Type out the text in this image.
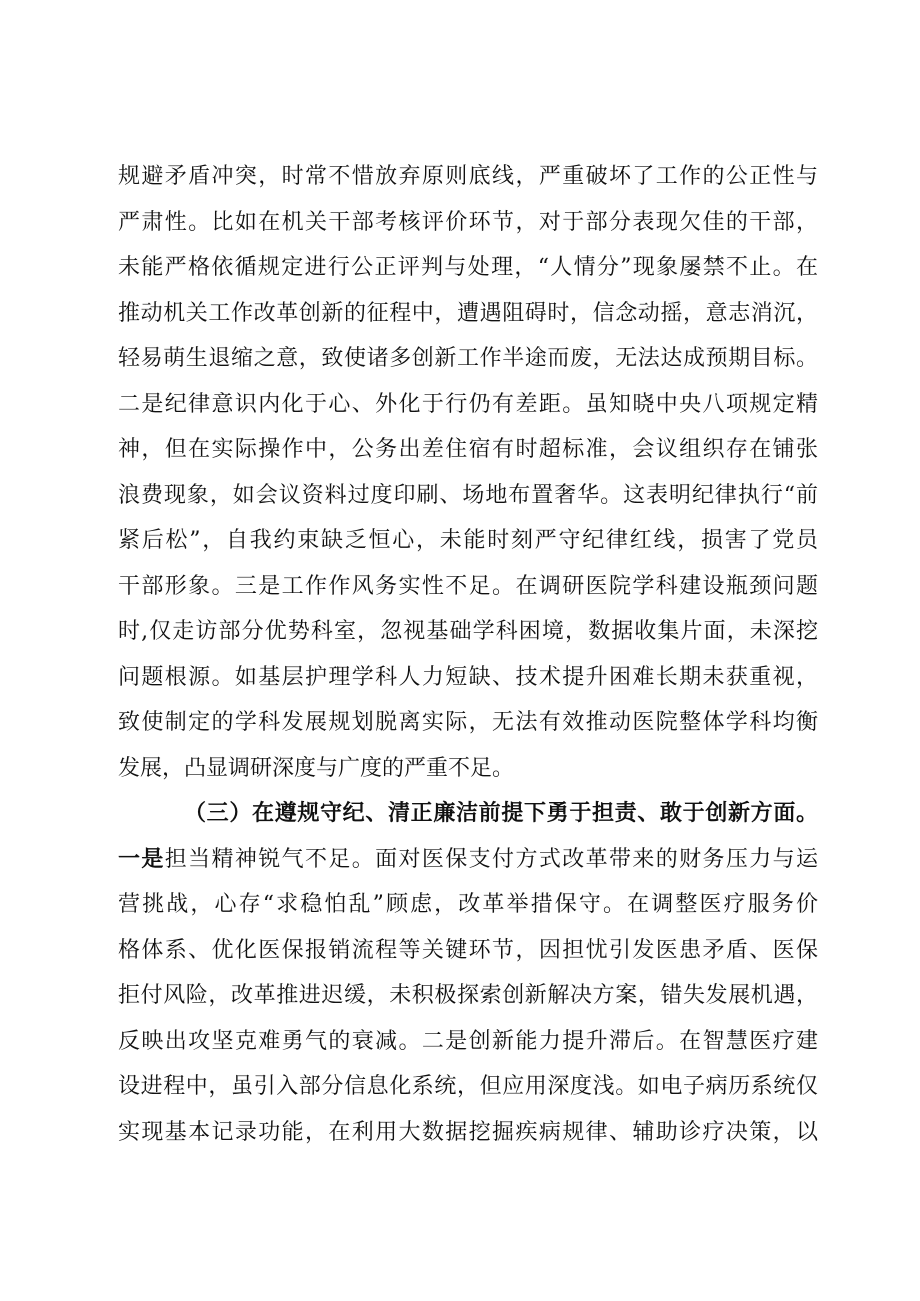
规避矛盾冲突，时常不惜放弃原则底线，严重破坏了工作的公正性与
严肃性。比如在机关干部考核评价环节，对于部分表现欠佳的干部，
未能严格依循规定进行公正评判与处理，“人情分”现象屡禁不止。在
推动机关工作改革创新的征程中，遭遇阻碍时，信念动摇，意志消沉，
轻易萌生退缩之意，致使诸多创新工作半途而废，无法达成预期目标。
二是纪律意识内化于心、外化于行仍有差距。虽知晓中央八项规定精
神，但在实际操作中，公务出差住宿有时超标准，会议组织存在铺张
浪费现象，如会议资料过度印刷、场地布置奢华。这表明纪律执行“前
紧后松”，自我约束缺乏恒心，未能时刻严守纪律红线，损害了党员
干部形象。三是工作作风务实性不足。在调研医院学科建设瓶颈问题
时,仅走访部分优势科室，忽视基础学科困境，数据收集片面，未深挖
问题根源。如基层护理学科人力短缺、技术提升困难长期未获重视，
致使制定的学科发展规划脱离实际，无法有效推动医院整体学科均衡
发展，凸显调研深度与广度的严重不足。
（三）在遵规守纪、清正廉洁前提下勇于担责、敢于创新方面。
一是担当精神锐气不足。面对医保支付方式改革带来的财务压力与运
营挑战，心存“求稳怕乱”顾虑，改革举措保守。在调整医疗服务价
格体系、优化医保报销流程等关键环节，因担忧引发医患矛盾、医保
拒付风险，改革推进迟缓，未积极探索创新解决方案，错失发展机遇，
反映出攻坚克难勇气的衰减。二是创新能力提升滞后。在智慧医疗建
设进程中，虽引入部分信息化系统，但应用深度浅。如电子病历系统仅
实现基本记录功能，在利用大数据挖掘疾病规律、辅助诊疗决策，以
